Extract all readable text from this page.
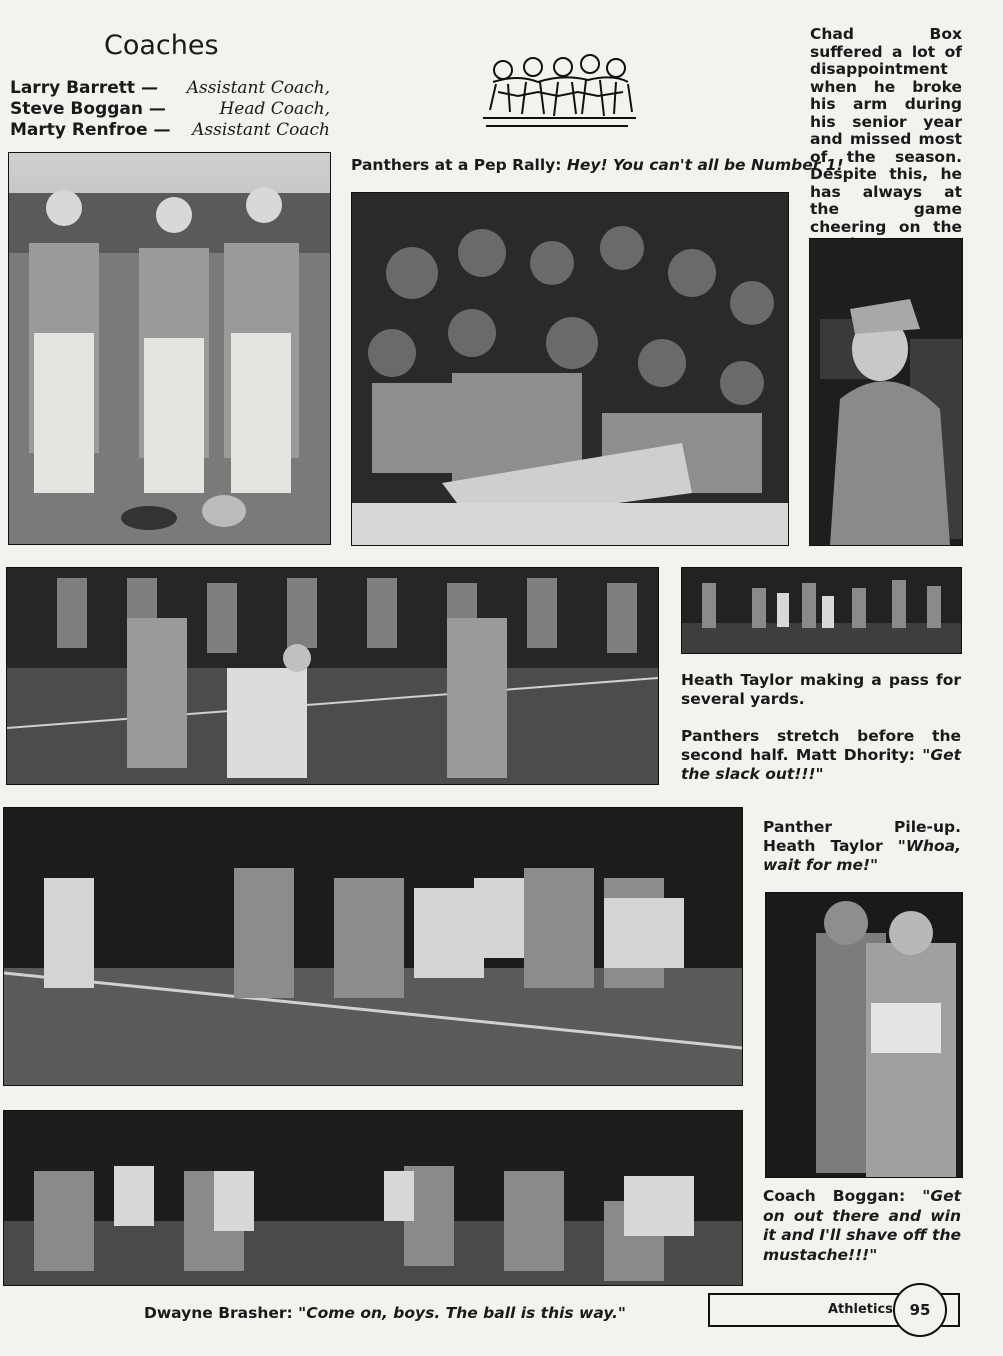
Coaches
Larry Barrett — Assistant Coach,
Steve Boggan —	Head Coach,
Marty Renfroe — Assistant Coach
Panthers at a Pep Rally: Hey! You can't all be Number 1!
Chad Box suffered a lot of disappointment when he broke his arm during his senior year and missed most of the season. Despite this, he has always at the game cheering on the
Heath Taylor making a pass for several yards.
Panthers stretch before the second half. Matt Dhority: "Get the slack out!!!"
Panther Pile-up. Heath Taylor "Whoa, wait for me!"
Coach Boggan: "Get on out there and win it and I'll shave off the mustache!!!"
Dwayne Brasher: "Come on, boys. The ball is this way."	Athletics	95
